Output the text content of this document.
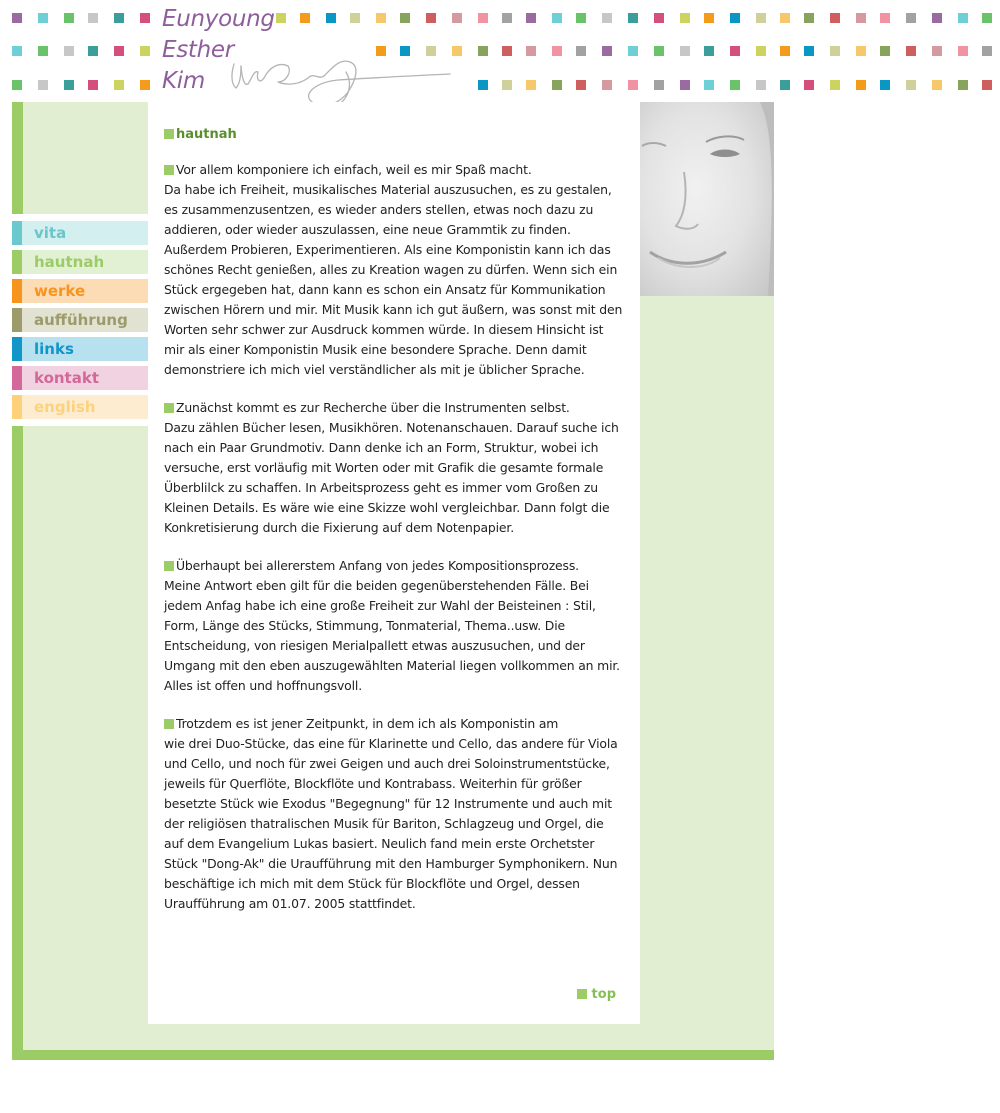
Eunyoung
Esther
Kim
vita
hautnah
werke
aufführung
links
kontakt
english
hautnah

Vor allem komponiere ich einfach, weil es mir Spaß macht.
Da habe ich Freiheit, musikalisches Material auszusuchen, es zu gestalen, es zusammenzusentzen, es wieder anders stellen, etwas noch dazu zu addieren, oder wieder auszulassen, eine neue Grammtik zu finden. Außerdem Probieren, Experimentieren. Als eine Komponistin kann ich das schönes Recht genießen, alles zu Kreation wagen zu dürfen. Wenn sich ein Stück ergegeben hat, dann kann es schon ein Ansatz für Kommunikation zwischen Hörern und mir. Mit Musik kann ich gut äußern, was sonst mit den Worten sehr schwer zur Ausdruck kommen würde. In diesem Hinsicht ist mir als einer Komponistin Musik eine besondere Sprache. Denn damit demonstriere ich mich viel verständlicher als mit je üblicher Sprache.

Zunächst kommt es zur Recherche über die Instrumenten selbst.
Dazu zählen Bücher lesen, Musikhören. Notenanschauen. Darauf suche ich nach ein Paar Grundmotiv. Dann denke ich an Form, Struktur, wobei ich versuche, erst vorläufig mit Worten oder mit Grafik die gesamte formale Überblilck zu schaffen. In Arbeitsprozess geht es immer vom Großen zu Kleinen Details. Es wäre wie eine Skizze wohl vergleichbar. Dann folgt die Konkretisierung durch die Fixierung auf dem Notenpapier.

Überhaupt bei allererstem Anfang von jedes Kompositionsprozess.
Meine Antwort eben gilt für die beiden gegenüberstehenden Fälle. Bei jedem Anfag habe ich eine große Freiheit zur Wahl der Beisteinen : Stil, Form, Länge des Stücks, Stimmung, Tonmaterial, Thema..usw. Die Entscheidung, von riesigen Merialpallett etwas auszusuchen, und der Umgang mit den eben auszugewählten Material liegen vollkommen an mir. Alles ist offen und hoffnungsvoll.

Trotzdem es ist jener Zeitpunkt, in dem ich als Komponistin am
wie drei Duo-Stücke, das eine für Klarinette und Cello, das andere für Viola und Cello, und noch für zwei Geigen und auch drei Soloinstrumentstücke, jeweils für Querflöte, Blockflöte und Kontrabass. Weiterhin für größer besetzte Stück wie Exodus "Begegnung" für 12 Instrumente und auch mit der religiösen thatralischen Musik für Bariton, Schlagzeug und Orgel, die auf dem Evangelium Lukas basiert. Neulich fand mein erste Orchetster Stück "Dong-Ak" die Uraufführung mit den Hamburger Symphonikern. Nun beschäftige ich mich mit dem Stück für Blockflöte und Orgel, dessen Uraufführung am 01.07. 2005 stattfindet.

top
